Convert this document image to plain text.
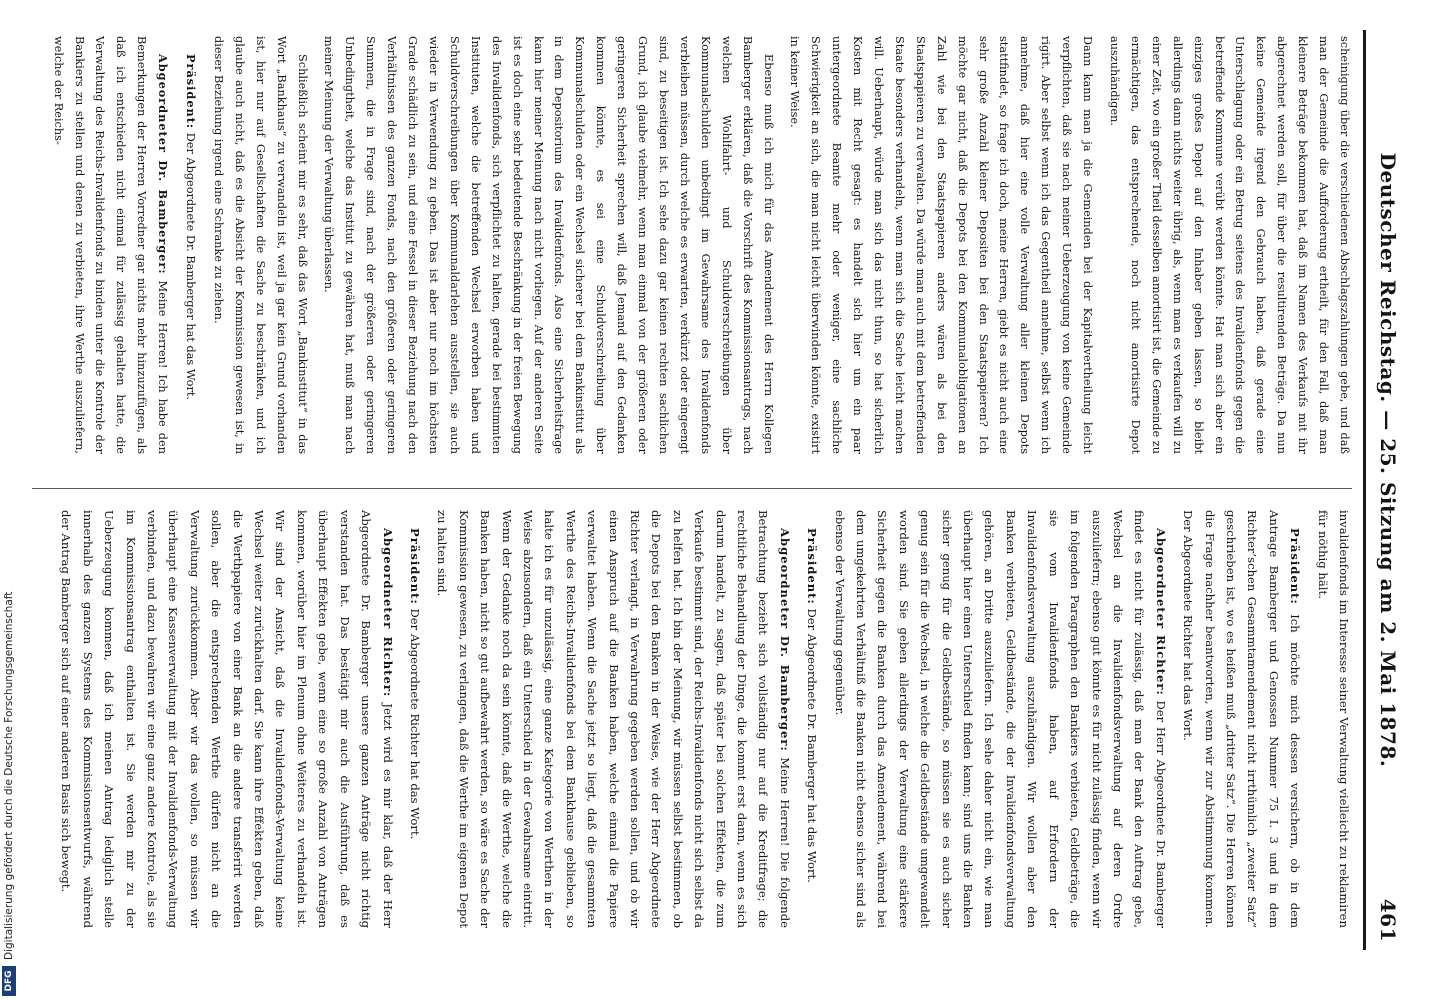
Deutscher Reichstag. — 25. Sitzung am 2. Mai 1878.
461

scheinigung über die verschiedenen Abschlagszahlungen gebe, und daß man der Gemeinde die Aufforderung ertheilt, für den Fall, daß man kleinere Beträge bekommen hat, daß im Namen des Verkaufs mit ihr abgerechnet werden soll, für über die resultirenden Beträge. Da nun keine Gemeinde irgend den Gebrauch haben, daß gerade eine Unterschlagung oder ein Betrug seitens des Invalidenfonds gegen die betreffende Kommune verübt werden könnte. Hat man sich aber ein einziges großes Depot auf den Inhaber geben lassen, so bleibt allerdings dann nichts weiter übrig, als, wenn man es verkaufen will zu einer Zeit, wo ein großer Theil desselben amortisirt ist, die Gemeinde zu ermächtigen, das entsprechende, noch nicht amortisirte Depot auszuhändigen.

Dann kann man ja die Gemeinden bei der Kapitalvertheilung leicht verpflichten, daß sie nach meiner Ueberzeugung von keine Gemeinde rigirt. Aber selbst wenn ich das Gegentheil annehme, selbst wenn ich annehme, daß hier eine volle Verwaltung aller kleinen Depots stattfindet, so frage ich doch, meine Herren, giebt es nicht auch eine sehr große Anzahl kleiner Depositen bei den Staatspapieren? Ich möchte gar nicht, daß die Depots bei den Kommunalobligationen an Zahl wie bei den Staatspapieren anders wären als bei den Staatspapieren zu verwalten. Da würde man auch mit dem betreffenden Staate besonders verhandeln, wenn man sich die Sache leicht machen will. Ueberhaupt, würde man sich das nicht thun, so hat sicherlich Kosten mit Recht gesagt: es handelt sich hier um ein paar untergeordnete Beamte mehr oder weniger, eine sachliche Schwierigkeit an sich, die man nicht leicht überwinden könnte, existirt in keiner Weise.

Ebenso muß ich mich für das Amendement des Herrn Kollegen Bamberger erklären, daß die Vorschrift des Kommissionsantrags, nach welchen Wohlfahrt- und Schuldverschreibungen über Kommunalschulden unbedingt im Gewahrsame des Invalidenfonds verbleiben müssen, durch welche es erwarten, verkürzt oder eingeengt sind, zu beseitigen ist. Ich sehe dazu gar keinen rechten sachlichen Grund, ich glaube vielmehr, wenn man einmal von der größeren oder geringeren Sicherheit sprechen will, daß Jemand auf den Gedanken kommen könnte, es sei eine Schuldverschreibung über Kommunalschulden oder ein Wechsel sicherer bei dem Bankinstitut als in dem Depositorium des Invalidenfonds. Also eine Sicherheitsfrage kann hier meiner Meinung nach nicht vorliegen. Auf der anderen Seite ist es doch eine sehr bedeutende Beschränkung in der freien Bewegung des Invalidenfonds, sich verpflichtet zu halten, gerade bei bestimmten Instituten, welche die betreffenden Wechsel erworben haben und Schuldverschreibungen über Kommunaldarlehen ausstellen, sie auch wieder in Verwendung zu geben. Das ist aber nur noch im höchsten Grade schädlich zu sein, und eine Fessel in dieser Beziehung nach den Verhältnissen des ganzen Fonds, nach den größeren oder geringeren Summen, die in Frage sind, nach der größeren oder geringeren Unbedingtheit, welche das Institut zu gewähren hat, muß man nach meiner Meinung der Verwaltung überlassen.

Schließlich scheint mir es sehr, daß das Wort „Bankinstitut“ in das Wort „Bankhaus“ zu verwandeln ist, weil ja gar kein Grund vorhanden ist, hier nur auf Gesellschaften die Sache zu beschränken, und ich glaube auch nicht, daß es die Absicht der Kommission gewesen ist, in dieser Beziehung irgend eine Schranke zu ziehen.

Präsident: Der Abgeordnete Dr. Bamberger hat das Wort.

Abgeordneter Dr. Bamberger: Meine Herren! Ich habe den Bemerkungen der Herren Vorredner gar nichts mehr hinzuzufügen, als daß ich entschieden nicht einmal für zulässig gehalten hatte, die Verwaltung des Reichs-Invalidenfonds zu binden unter die Kontrole der Bankiers zu stellen und denen zu verbieten, ihre Werthe auszuliefern, welche der Reichs-

invalidenfonds im Interesse seiner Verwaltung vielleicht zu reklamiren für nöthig hält.

Präsident: Ich möchte mich dessen versichern, ob in dem Antrage Bamberger und Genossen Nummer 75 I. 3 und in dem Richter’schen Gesammtamendement nicht irrthümlich „zweiter Satz“ geschrieben ist, wo es heißen muß „dritter Satz“. Die Herren können die Frage nachher beantworten, wenn wir zur Abstimmung kommen. Der Abgeordnete Richter hat das Wort.

Abgeordneter Richter: Der Herr Abgeordnete Dr. Bamberger findet es nicht für zulässig, daß man der Bank den Auftrag gebe, Wechsel an die Invalidenfondsverwaltung auf deren Ordre auszuliefern; ebenso gut könnte es für nicht zulässig finden, wenn wir im folgenden Paragraphen den Bankiers verbieten, Geldbeträge, die sie vom Invalidenfonds haben, auf Erfordern der Invalidenfondsverwaltung auszuhändigen. Wir wollen aber den Banken verbieten, Geldbestände, die der Invalidenfondsverwaltung gehören, an Dritte auszuliefern. Ich sehe daher nicht ein, wie man überhaupt hier einen Unterschied finden kann; sind uns die Banken sicher genug für die Geldbestände, so müssen sie es auch sicher genug sein für die Wechsel, in welche die Geldbestände umgewandelt worden sind. Sie geben allerdings der Verwaltung eine stärkere Sicherheit gegen die Banken durch das Amendement, während bei dem umgekehrten Verhältniß die Banken nicht ebenso sicher sind als ebenso der Verwaltung gegenüber.

Präsident: Der Abgeordnete Dr. Bamberger hat das Wort.

Abgeordneter Dr. Bamberger: Meine Herren! Die folgende Betrachtung bezieht sich vollständig nur auf die Kreditfrage; die rechtliche Behandlung der Dinge, die kommt erst dann, wenn es sich darum handelt, zu sagen, daß später bei solchen Effekten, die zum Verkaufe bestimmt sind, der Reichs-Invalidenfonds nicht sich selbst da zu helfen hat. Ich bin der Meinung, wir müssen selbst bestimmen, ob die Depots bei den Banken in der Weise, wie der Herr Abgeordnete Richter verlangt, in Verwahrung gegeben werden sollen, und ob wir einen Anspruch auf die Banken haben, welche einmal die Papiere verwaltet haben. Wenn die Sache jetzt so liegt, daß die gesammten Werthe des Reichs-Invalidenfonds bei dem Bankhause geblieben, so halte ich es für unzulässig, eine ganze Kategorie von Werthen in der Weise abzusondern, daß ein Unterschied in der Gewahrsame eintritt. Wenn der Gedanke noch da sein könnte, daß die Werthe, welche die Banken haben, nicht so gut aufbewahrt werden, so wäre es Sache der Kommission gewesen, zu verlangen, daß die Werthe im eigenen Depot zu halten sind.

Präsident: Der Abgeordnete Richter hat das Wort.

Abgeordneter Richter: Jetzt wird es mir klar, daß der Herr Abgeordnete Dr. Bamberger unsere ganzen Anträge nicht richtig verstanden hat. Das bestätigt mir auch die Ausführung, daß es überhaupt Effekten gebe, wenn eine so große Anzahl von Anträgen kommen, worüber hier im Plenum ohne Weiteres zu verhandeln ist. Wir sind der Ansicht, daß die Invalidenfonds-Verwaltung keine Wechsel weiter zurückhalten darf. Sie kann ihre Effekten geben, daß die Werthpapiere von einer Bank an die andere transferirt werden sollen, aber die entsprechenden Werthe dürfen nicht an die Verwaltung zurückkommen. Aber wir das wollen, so müssen wir überhaupt eine Kassenverwaltung mit der Invalidenfonds-Verwaltung verbinden, und dazu bewahren wir eine ganz andere Kontrole, als sie im Kommissionsantrag enthalten ist. Sie werden mir zu der Ueberzeugung kommen, daß ich meinen Antrag lediglich stelle innerhalb des ganzen Systems des Kommissionsentwurfs, während der Antrag Bamberger sich auf einer anderen Basis sich bewegt.

DFG
Digitalisierung gefördert durch die Deutsche Forschungsgemeinschaft
